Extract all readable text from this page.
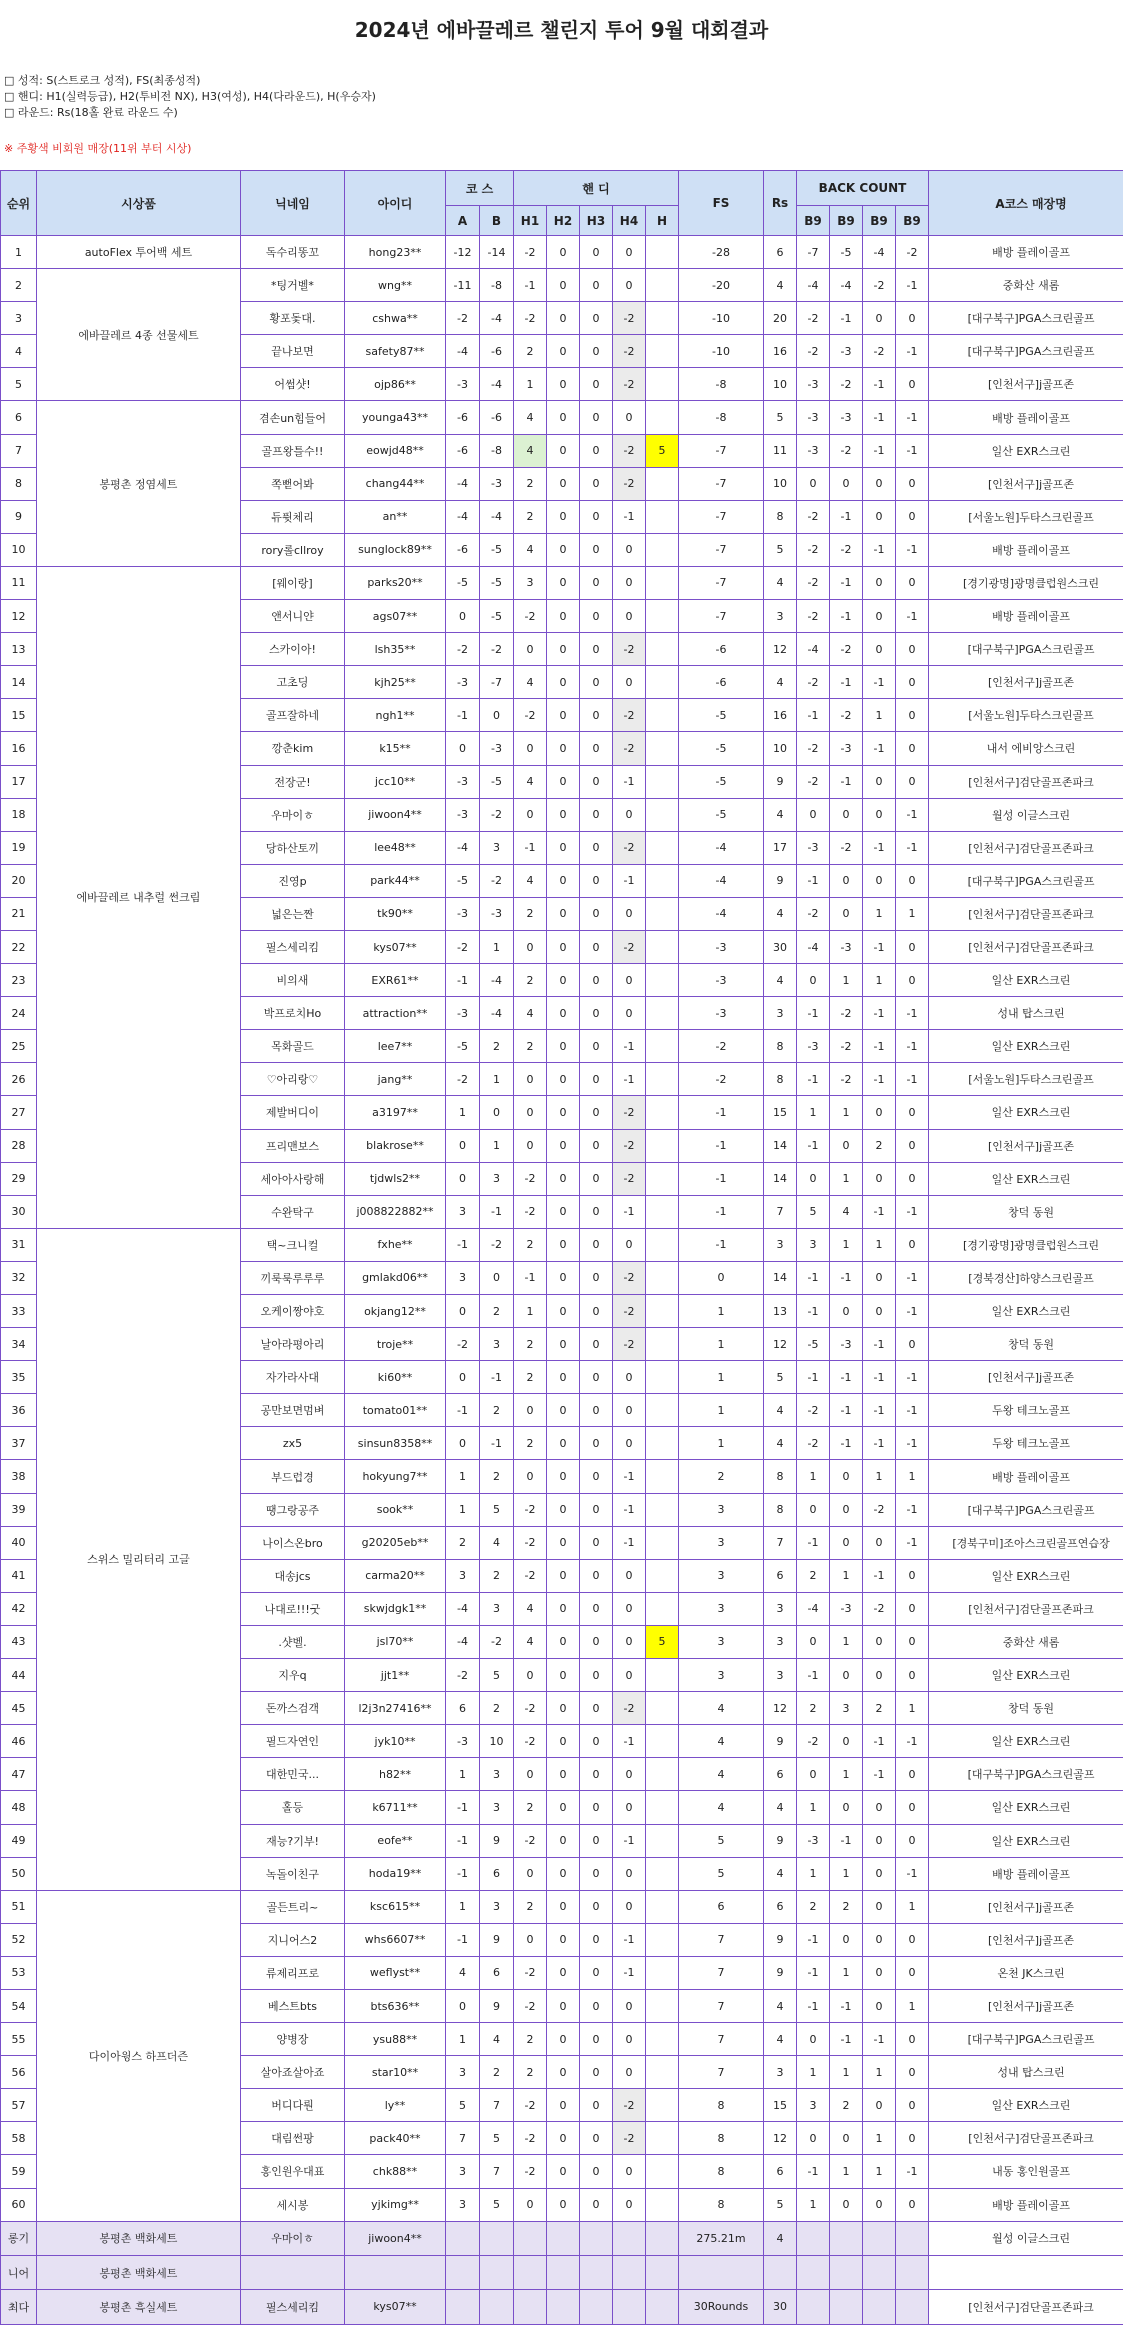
2024년 에바끌레르 챌린지 투어 9월 대회결과
□ 성적: S(스트로크 성적), FS(최종성적)
□ 핸디: H1(실력등급), H2(투비전 NX), H3(여성), H4(다라운드), H(우승자)
□ 라운드: Rs(18홀 완료 라운드 수)
※ 주황색 비회원 매장(11위 부터 시상)
순위	시상품	닉네임	아이디	코 스		핸 디					FS	Rs	BACK COUNT				A코스 매장명
				A	B	H1	H2	H3	H4	H			B9	B9	B9	B9	
1	autoFlex 투어백 세트	독수리똥꼬	hong23**	-12	-14	-2	0	0	0		-28	6	-7	-5	-4	-2	배방 플레이골프
2	에바끌레르 4종 선물세트	*팅거벨*	wng**	-11	-8	-1	0	0	0		-20	4	-4	-4	-2	-1	중화산 새롬
3		황포돛대.	cshwa**	-2	-4	-2	0	0	-2		-10	20	-2	-1	0	0	[대구북구]PGA스크린골프
4		끝나보면	safety87**	-4	-6	2	0	0	-2		-10	16	-2	-3	-2	-1	[대구북구]PGA스크린골프
5		어썸샷!	ojp86**	-3	-4	1	0	0	-2		-8	10	-3	-2	-1	0	[인천서구]j골프존
6	봉평촌 정염세트	겸손un힘들어	younga43**	-6	-6	4	0	0	0		-8	5	-3	-3	-1	-1	배방 플레이골프
7		골프왕틀수!!	eowjd48**	-6	-8	4	0	0	-2	5	-7	11	-3	-2	-1	-1	일산 EXR스크린
8		쪽뻗어봐	chang44**	-4	-3	2	0	0	-2		-7	10	0	0	0	0	[인천서구]j골프존
9		듀퓟체리	an**	-4	-4	2	0	0	-1		-7	8	-2	-1	0	0	[서울노원]두타스크린골프
10		rory롤cllroy	sunglock89**	-6	-5	4	0	0	0		-7	5	-2	-2	-1	-1	배방 플레이골프
11	에바끌레르 내추럴 썬크림	[웨이랑]	parks20**	-5	-5	3	0	0	0		-7	4	-2	-1	0	0	[경기광명]광명클럽원스크린
12		앤서니얀	ags07**	0	-5	-2	0	0	0		-7	3	-2	-1	0	-1	배방 플레이골프
13		스카이아!	lsh35**	-2	-2	0	0	0	-2		-6	12	-4	-2	0	0	[대구북구]PGA스크린골프
14		고초딩	kjh25**	-3	-7	4	0	0	0		-6	4	-2	-1	-1	0	[인천서구]j골프존
15		골프잘하네	ngh1**	-1	0	-2	0	0	-2		-5	16	-1	-2	1	0	[서울노원]두타스크린골프
16		깡춘kim	k15**	0	-3	0	0	0	-2		-5	10	-2	-3	-1	0	내서 에비앙스크린
17		전장군!	jcc10**	-3	-5	4	0	0	-1		-5	9	-2	-1	0	0	[인천서구]검단골프존파크
18		우마이ㅎ	jiwoon4**	-3	-2	0	0	0	0		-5	4	0	0	0	-1	월성 이글스크린
19		당하산토끼	lee48**	-4	3	-1	0	0	-2		-4	17	-3	-2	-1	-1	[인천서구]검단골프존파크
20		진영p	park44**	-5	-2	4	0	0	-1		-4	9	-1	0	0	0	[대구북구]PGA스크린골프
21		넓은는짠	tk90**	-3	-3	2	0	0	0		-4	4	-2	0	1	1	[인천서구]검단골프존파크
22		필스세리킴	kys07**	-2	1	0	0	0	-2		-3	30	-4	-3	-1	0	[인천서구]검단골프존파크
23		비의새	EXR61**	-1	-4	2	0	0	0		-3	4	0	1	1	0	일산 EXR스크린
24		박프로치Ho	attraction**	-3	-4	4	0	0	0		-3	3	-1	-2	-1	-1	성내 탑스크린
25		목화골드	lee7**	-5	2	2	0	0	-1		-2	8	-3	-2	-1	-1	일산 EXR스크린
26		♡아리랑♡	jang**	-2	1	0	0	0	-1		-2	8	-1	-2	-1	-1	[서울노원]두타스크린골프
27		제발버디이	a3197**	1	0	0	0	0	-2		-1	15	1	1	0	0	일산 EXR스크린
28		프리맨보스	blakrose**	0	1	0	0	0	-2		-1	14	-1	0	2	0	[인천서구]j골프존
29		세아아사랑해	tjdwls2**	0	3	-2	0	0	-2		-1	14	0	1	0	0	일산 EXR스크린
30		수완탁구	j008822882**	3	-1	-2	0	0	-1		-1	7	5	4	-1	-1	창덕 동원
31	스위스 밀리터리 고글	택~크니컬	fxhe**	-1	-2	2	0	0	0		-1	3	3	1	1	0	[경기광명]광명클럽원스크린
32		끼룩룩루루루	gmlakd06**	3	0	-1	0	0	-2		0	14	-1	-1	0	-1	[경북경산]하양스크린골프
33		오케이짱야호	okjang12**	0	2	1	0	0	-2		1	13	-1	0	0	-1	일산 EXR스크린
34		날아라평아리	troje**	-2	3	2	0	0	-2		1	12	-5	-3	-1	0	창덕 동원
35		자가라사대	ki60**	0	-1	2	0	0	0		1	5	-1	-1	-1	-1	[인천서구]j골프존
36		공만보면멈벼	tomato01**	-1	2	0	0	0	0		1	4	-2	-1	-1	-1	두왕 테크노골프
37		zx5	sinsun8358**	0	-1	2	0	0	0		1	4	-2	-1	-1	-1	두왕 테크노골프
38		부드럽경	hokyung7**	1	2	0	0	0	-1		2	8	1	0	1	1	배방 플레이골프
39		땡그랑공주	sook**	1	5	-2	0	0	-1		3	8	0	0	-2	-1	[대구북구]PGA스크린골프
40		나이스온bro	g20205eb**	2	4	-2	0	0	-1		3	7	-1	0	0	-1	[경북구미]조아스크린골프연습장
41		대송jcs	carma20**	3	2	-2	0	0	0		3	6	2	1	-1	0	일산 EXR스크린
42		나대로!!!굿	skwjdgk1**	-4	3	4	0	0	0		3	3	-4	-3	-2	0	[인천서구]검단골프존파크
43		.샷벨.	jsl70**	-4	-2	4	0	0	0	5	3	3	0	1	0	0	중화산 새롬
44		지우q	jjt1**	-2	5	0	0	0	0		3	3	-1	0	0	0	일산 EXR스크린
45		돈까스검객	l2j3n27416**	6	2	-2	0	0	-2		4	12	2	3	2	1	창덕 동원
46		필드자연인	jyk10**	-3	10	-2	0	0	-1		4	9	-2	0	-1	-1	일산 EXR스크린
47		대한민국...	h82**	1	3	0	0	0	0		4	6	0	1	-1	0	[대구북구]PGA스크린골프
48		홀등	k6711**	-1	3	2	0	0	0		4	4	1	0	0	0	일산 EXR스크린
49		재능?기부!	eofe**	-1	9	-2	0	0	-1		5	9	-3	-1	0	0	일산 EXR스크린
50		녹돌이친구	hoda19**	-1	6	0	0	0	0		5	4	1	1	0	-1	배방 플레이골프
51	다이아윙스 하프더즌	골든트리~	ksc615**	1	3	2	0	0	0		6	6	2	2	0	1	[인천서구]j골프존
52		지니어스2	whs6607**	-1	9	0	0	0	-1		7	9	-1	0	0	0	[인천서구]j골프존
53		류제리프로	weflyst**	4	6	-2	0	0	-1		7	9	-1	1	0	0	온천 JK스크린
54		베스트bts	bts636**	0	9	-2	0	0	0		7	4	-1	-1	0	1	[인천서구]j골프존
55		양병장	ysu88**	1	4	2	0	0	0		7	4	0	-1	-1	0	[대구북구]PGA스크린골프
56		살아죠살아죠	star10**	3	2	2	0	0	0		7	3	1	1	1	0	성내 탑스크린
57		버디다뤈	ly**	5	7	-2	0	0	-2		8	15	3	2	0	0	일산 EXR스크린
58		대림썬팡	pack40**	7	5	-2	0	0	-2		8	12	0	0	1	0	[인천서구]검단골프존파크
59		홍인원우대표	chk88**	3	7	-2	0	0	0		8	6	-1	1	1	-1	내동 홍인원골프
60		세시봉	yjkimg**	3	5	0	0	0	0		8	5	1	0	0	0	배방 플레이골프
롱기	봉평촌 백화세트	우마이ㅎ	jiwoon4**								275.21m	4					월성 이글스크린
니어	봉평촌 백화세트																
최다	봉평촌 흑실세트	필스세리킴	kys07**								30Rounds	30					[인천서구]검단골프존파크
